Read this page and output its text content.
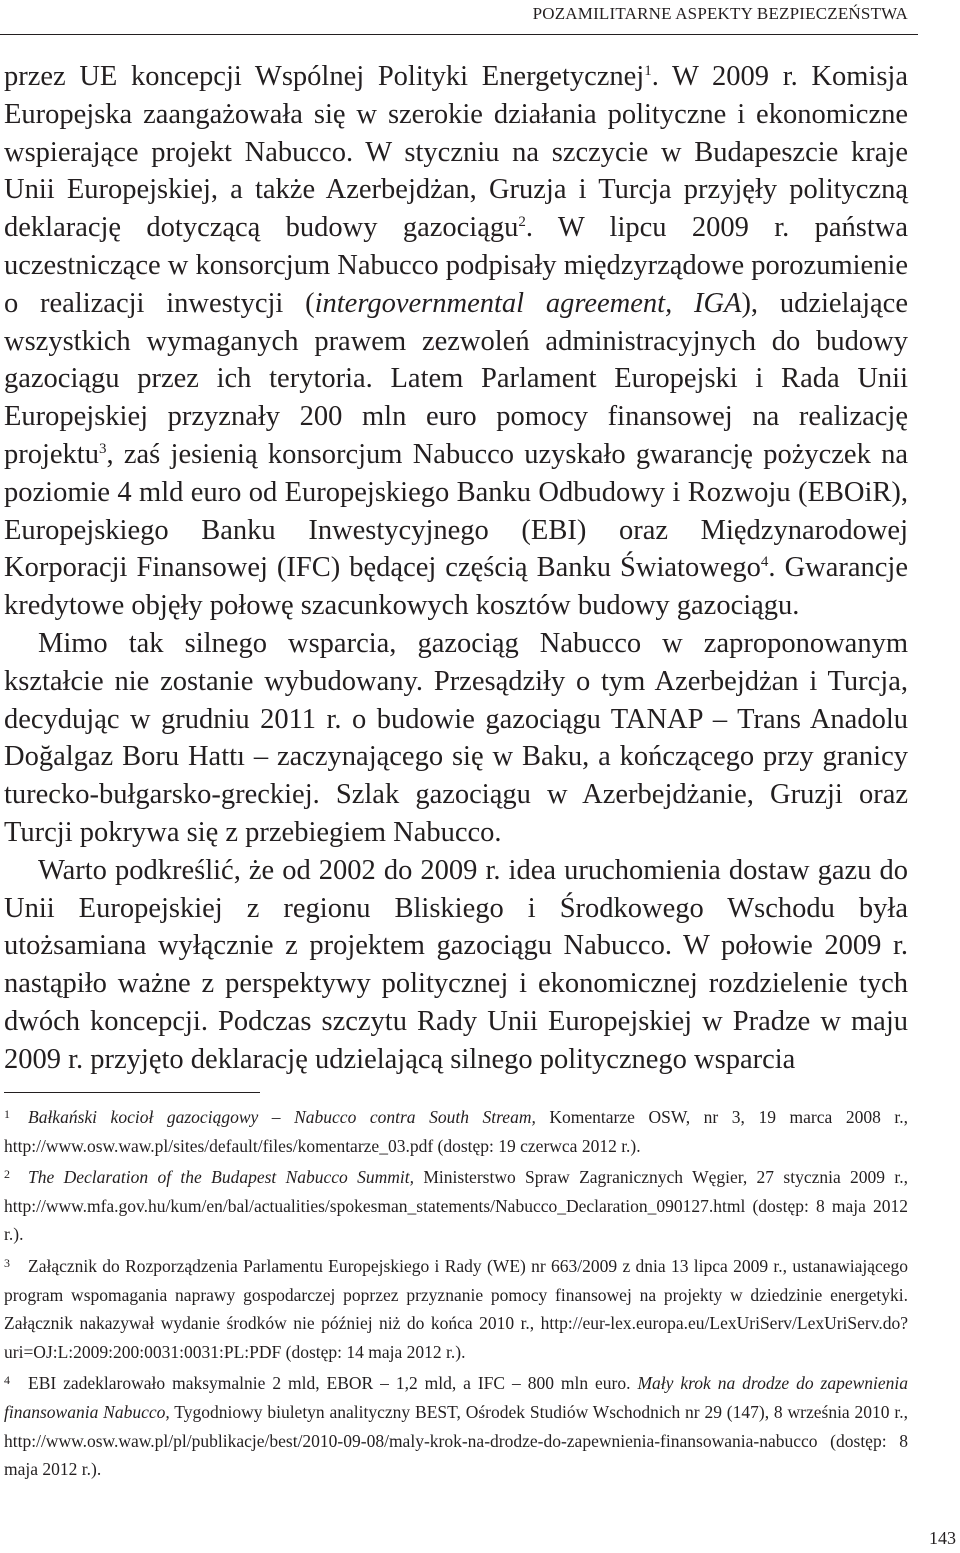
POZAMILITARNE ASPEKTY BEZPIECZEŃSTWA

przez UE koncepcji Wspólnej Polityki Energetycznej$^1$. W 2009 r. Komisja Europejska zaangażowała się w szerokie działania polityczne i ekonomiczne wspierające projekt Nabucco. W styczniu na szczycie w Budapeszcie kraje Unii Europejskiej, a także Azerbejdżan, Gruzja i Turcja przyjęły polityczną deklarację dotyczącą budowy gazociągu$^2$. W lipcu 2009 r. państwa uczestniczące w konsorcjum Nabucco podpisały międzyrządowe porozumienie o realizacji inwestycji (intergovernmental agreement, IGA), udzielające wszystkich wymaganych prawem zezwoleń administracyjnych do budowy gazociągu przez ich terytoria. Latem Parlament Europejski i Rada Unii Europejskiej przyznały 200 mln euro pomocy finansowej na realizację projektu$^3$, zaś jesienią konsorcjum Nabucco uzyskało gwarancję pożyczek na poziomie 4 mld euro od Europejskiego Banku Odbudowy i Rozwoju (EBOiR), Europejskiego Banku Inwestycyjnego (EBI) oraz Międzynarodowej Korporacji Finansowej (IFC) będącej częścią Banku Światowego$^4$. Gwarancje kredytowe objęły połowę szacunkowych kosztów budowy gazociągu.

Mimo tak silnego wsparcia, gazociąg Nabucco w zaproponowanym kształcie nie zostanie wybudowany. Przesądziły o tym Azerbejdżan i Turcja, decydując w grudniu 2011 r. o budowie gazociągu TANAP – Trans Anadolu Doğalgaz Boru Hattı – zaczynającego się w Baku, a kończącego przy granicy turecko-bułgarsko-greckiej. Szlak gazociągu w Azerbejdżanie, Gruzji oraz Turcji pokrywa się z przebiegiem Nabucco.

Warto podkreślić, że od 2002 do 2009 r. idea uruchomienia dostaw gazu do Unii Europejskiej z regionu Bliskiego i Środkowego Wschodu była utożsamiana wyłącznie z projektem gazociągu Nabucco. W połowie 2009 r. nastąpiło ważne z perspektywy politycznej i ekonomicznej rozdzielenie tych dwóch koncepcji. Podczas szczytu Rady Unii Europejskiej w Pradze w maju 2009 r. przyjęto deklarację udzielającą silnego politycznego wsparcia

$^1$ Bałkański kocioł gazociągowy – Nabucco contra South Stream, Komentarze OSW, nr 3, 19 marca 2008 r., http://www.osw.waw.pl/sites/default/files/komentarze_03.pdf (dostęp: 19 czerwca 2012 r.).

$^2$ The Declaration of the Budapest Nabucco Summit, Ministerstwo Spraw Zagranicznych Węgier, 27 stycznia 2009 r., http://www.mfa.gov.hu/kum/en/bal/actualities/spokesman_statements/Nabucco_Declaration_090127.html (dostęp: 8 maja 2012 r.).

$^3$ Załącznik do Rozporządzenia Parlamentu Europejskiego i Rady (WE) nr 663/2009 z dnia 13 lipca 2009 r., ustanawiającego program wspomagania naprawy gospodarczej poprzez przyznanie pomocy finansowej na projekty w dziedzinie energetyki. Załącznik nakazywał wydanie środków nie później niż do końca 2010 r., http://eur-lex.europa.eu/LexUriServ/LexUriServ.do?uri=OJ:L:2009:200:0031:0031:PL:PDF (dostęp: 14 maja 2012 r.).

$^4$ EBI zadeklarowało maksymalnie 2 mld, EBOR – 1,2 mld, a IFC – 800 mln euro. Mały krok na drodze do zapewnienia finansowania Nabucco, Tygodniowy biuletyn analityczny BEST, Ośrodek Studiów Wschodnich nr 29 (147), 8 września 2010 r., http://www.osw.waw.pl/pl/publikacje/best/2010-09-08/maly-krok-na-drodze-do-zapewnienia-finansowania-nabucco (dostęp: 8 maja 2012 r.).

143
